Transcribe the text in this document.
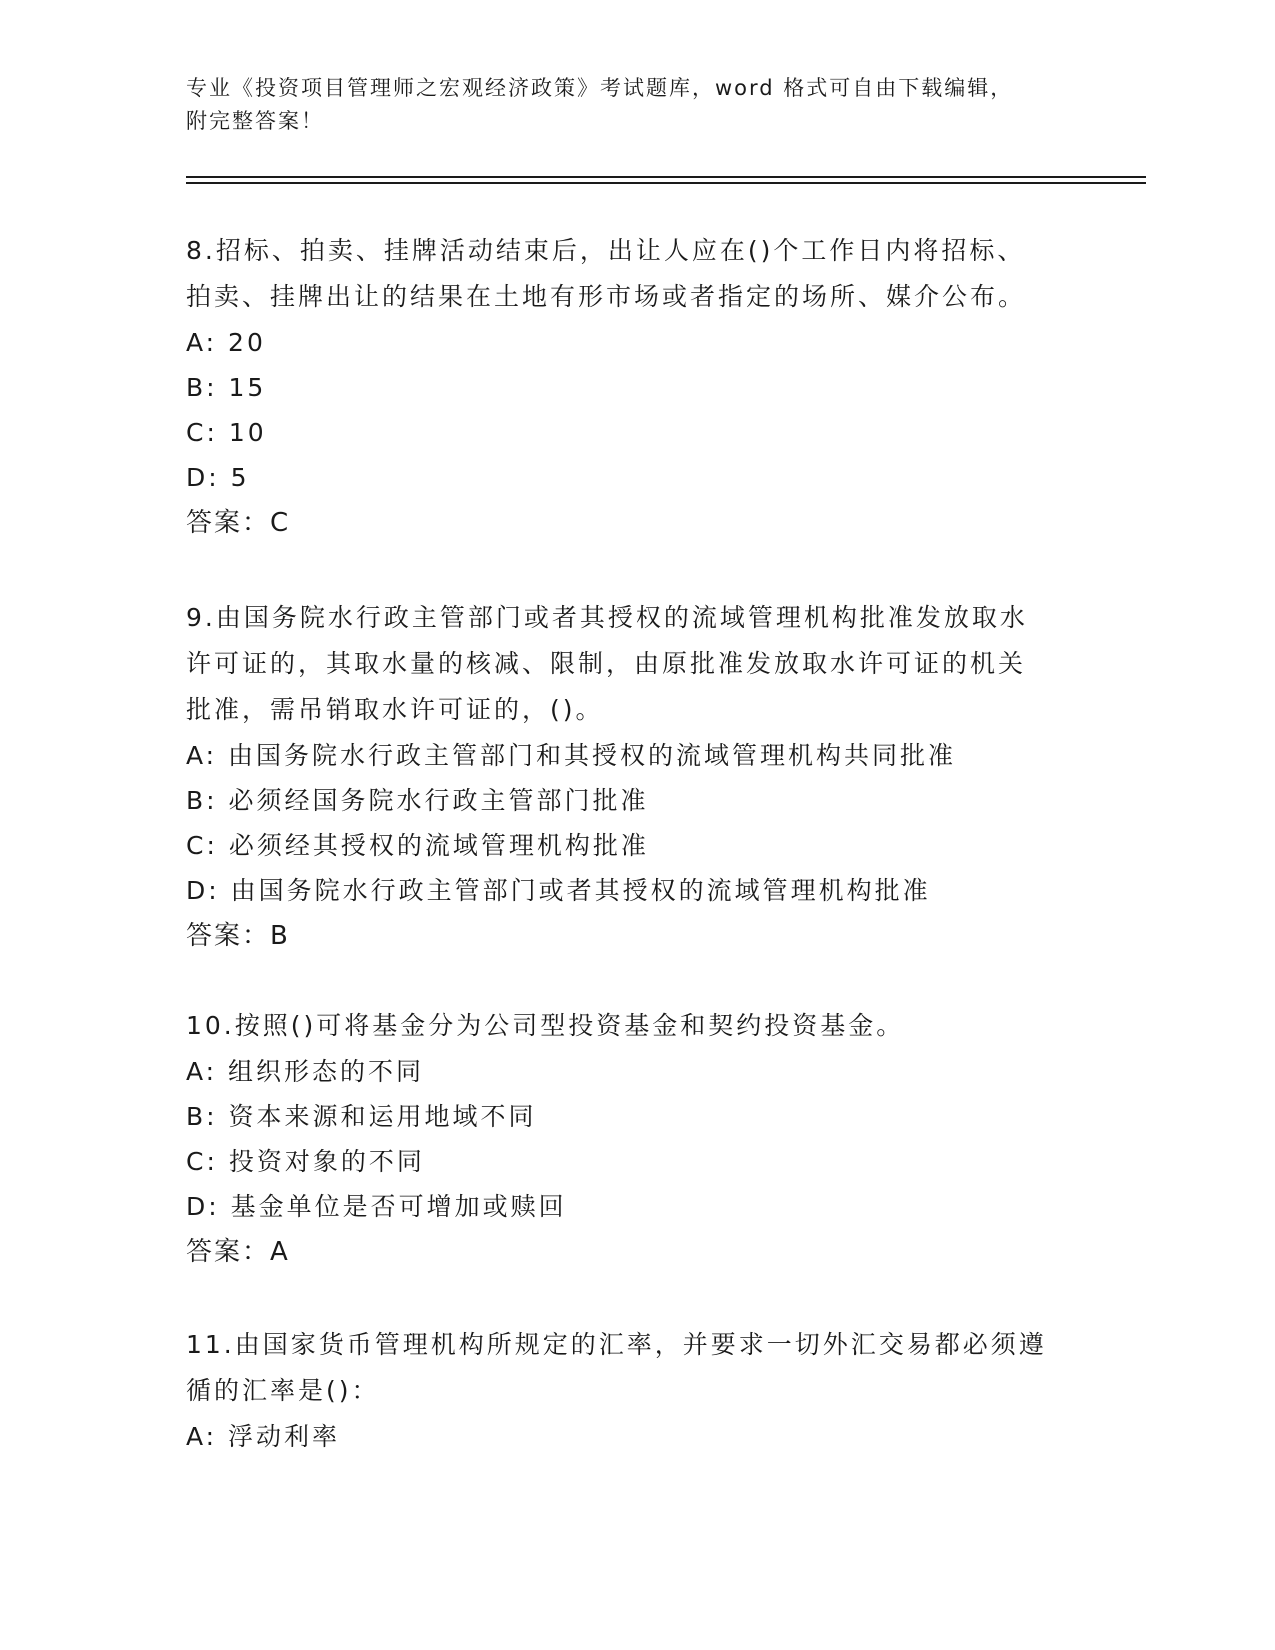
专业《投资项目管理师之宏观经济政策》考试题库，word 格式可自由下载编辑，
附完整答案！

8.招标、拍卖、挂牌活动结束后，出让人应在()个工作日内将招标、

拍卖、挂牌出让的结果在土地有形市场或者指定的场所、媒介公布。

A: 20

B: 15

C: 10

D: 5

答案：C

9.由国务院水行政主管部门或者其授权的流域管理机构批准发放取水

许可证的，其取水量的核减、限制，由原批准发放取水许可证的机关

批准，需吊销取水许可证的，()。

A: 由国务院水行政主管部门和其授权的流域管理机构共同批准

B: 必须经国务院水行政主管部门批准

C: 必须经其授权的流域管理机构批准

D: 由国务院水行政主管部门或者其授权的流域管理机构批准

答案：B

10.按照()可将基金分为公司型投资基金和契约投资基金。

A: 组织形态的不同

B: 资本来源和运用地域不同

C: 投资对象的不同

D: 基金单位是否可增加或赎回

答案：A

11.由国家货币管理机构所规定的汇率，并要求一切外汇交易都必须遵

循的汇率是()：

A: 浮动利率
